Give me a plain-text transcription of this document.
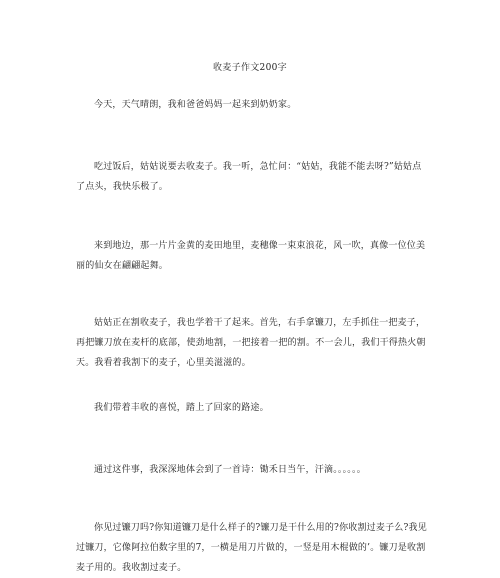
收麦子作文200字

今天，天气晴朗，我和爸爸妈妈一起来到奶奶家。

吃过饭后，姑姑说要去收麦子。我一听，急忙问：“姑姑，我能不能去呀?”姑姑点了点头，我快乐极了。

来到地边，那一片片金黄的麦田地里，麦穗像一束束浪花，风一吹，真像一位位美丽的仙女在翩翩起舞。

姑姑正在割收麦子，我也学着干了起来。首先，右手拿镰刀，左手抓住一把麦子，再把镰刀放在麦杆的底部，使劲地割，一把接着一把的割。不一会儿，我们干得热火朝天。我看着我割下的麦子，心里美滋滋的。

我们带着丰收的喜悦，踏上了回家的路途。

通过这件事，我深深地体会到了一首诗：锄禾日当午，汗滴。。。。。。

你见过镰刀吗?你知道镰刀是什么样子的?镰刀是干什么用的?你收割过麦子么?我见过镰刀，它像阿拉伯数字里的7，一横是用刀片做的，一竖是用木棍做的’。镰刀是收割麦子用的。我收割过麦子。
